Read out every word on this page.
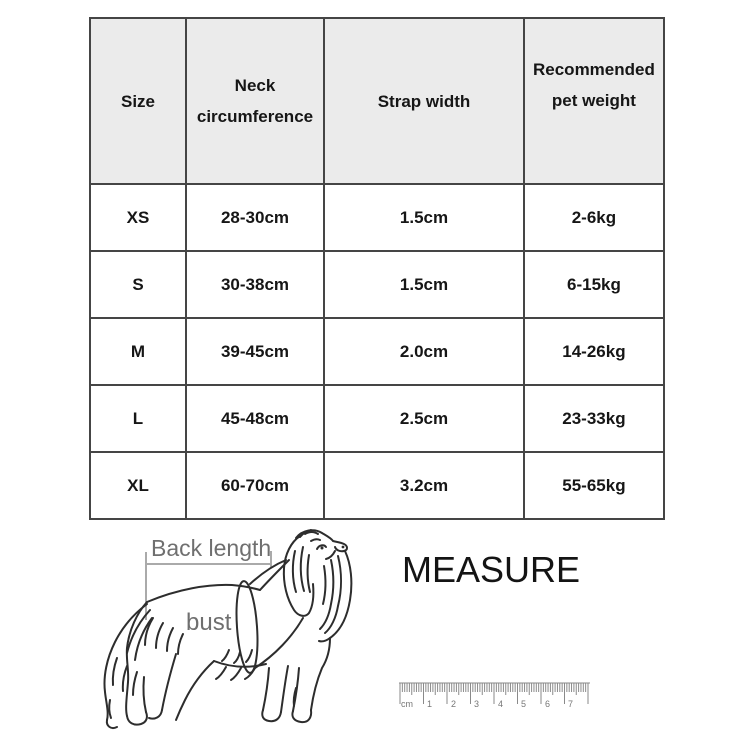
Size	Neck circumference	Strap width	Recommended pet weight
XS	28-30cm	1.5cm	2-6kg
S	30-38cm	1.5cm	6-15kg
M	39-45cm	2.0cm	14-26kg
L	45-48cm	2.5cm	23-33kg
XL	60-70cm	3.2cm	55-65kg
Back length
bust
MEASURE
cm 1 2 3 4 5 6 7
